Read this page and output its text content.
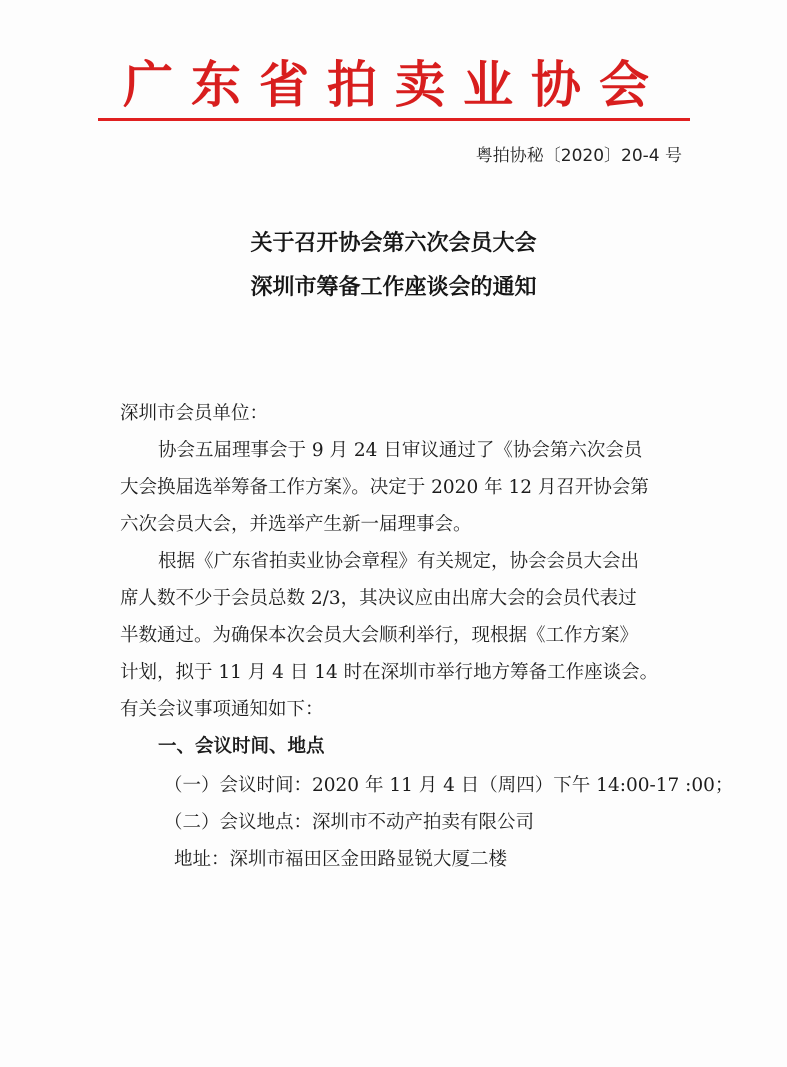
广东省拍卖业协会
粤拍协秘〔2020〕20-4 号
关于召开协会第六次会员大会
深圳市筹备工作座谈会的通知

深圳市会员单位：

协会五届理事会于 9 月 24 日审议通过了《协会第六次会员

大会换届选举筹备工作方案》。决定于 2020 年 12 月召开协会第

六次会员大会，并选举产生新一届理事会。

根据《广东省拍卖业协会章程》有关规定，协会会员大会出

席人数不少于会员总数 2/3，其决议应由出席大会的会员代表过

半数通过。为确保本次会员大会顺利举行，现根据《工作方案》

计划，拟于 11 月 4 日 14 时在深圳市举行地方筹备工作座谈会。

有关会议事项通知如下：

一、会议时间、地点

（一）会议时间：2020 年 11 月 4 日（周四）下午 14:00-17 :00；

（二）会议地点：深圳市不动产拍卖有限公司

地址：深圳市福田区金田路显锐大厦二楼
